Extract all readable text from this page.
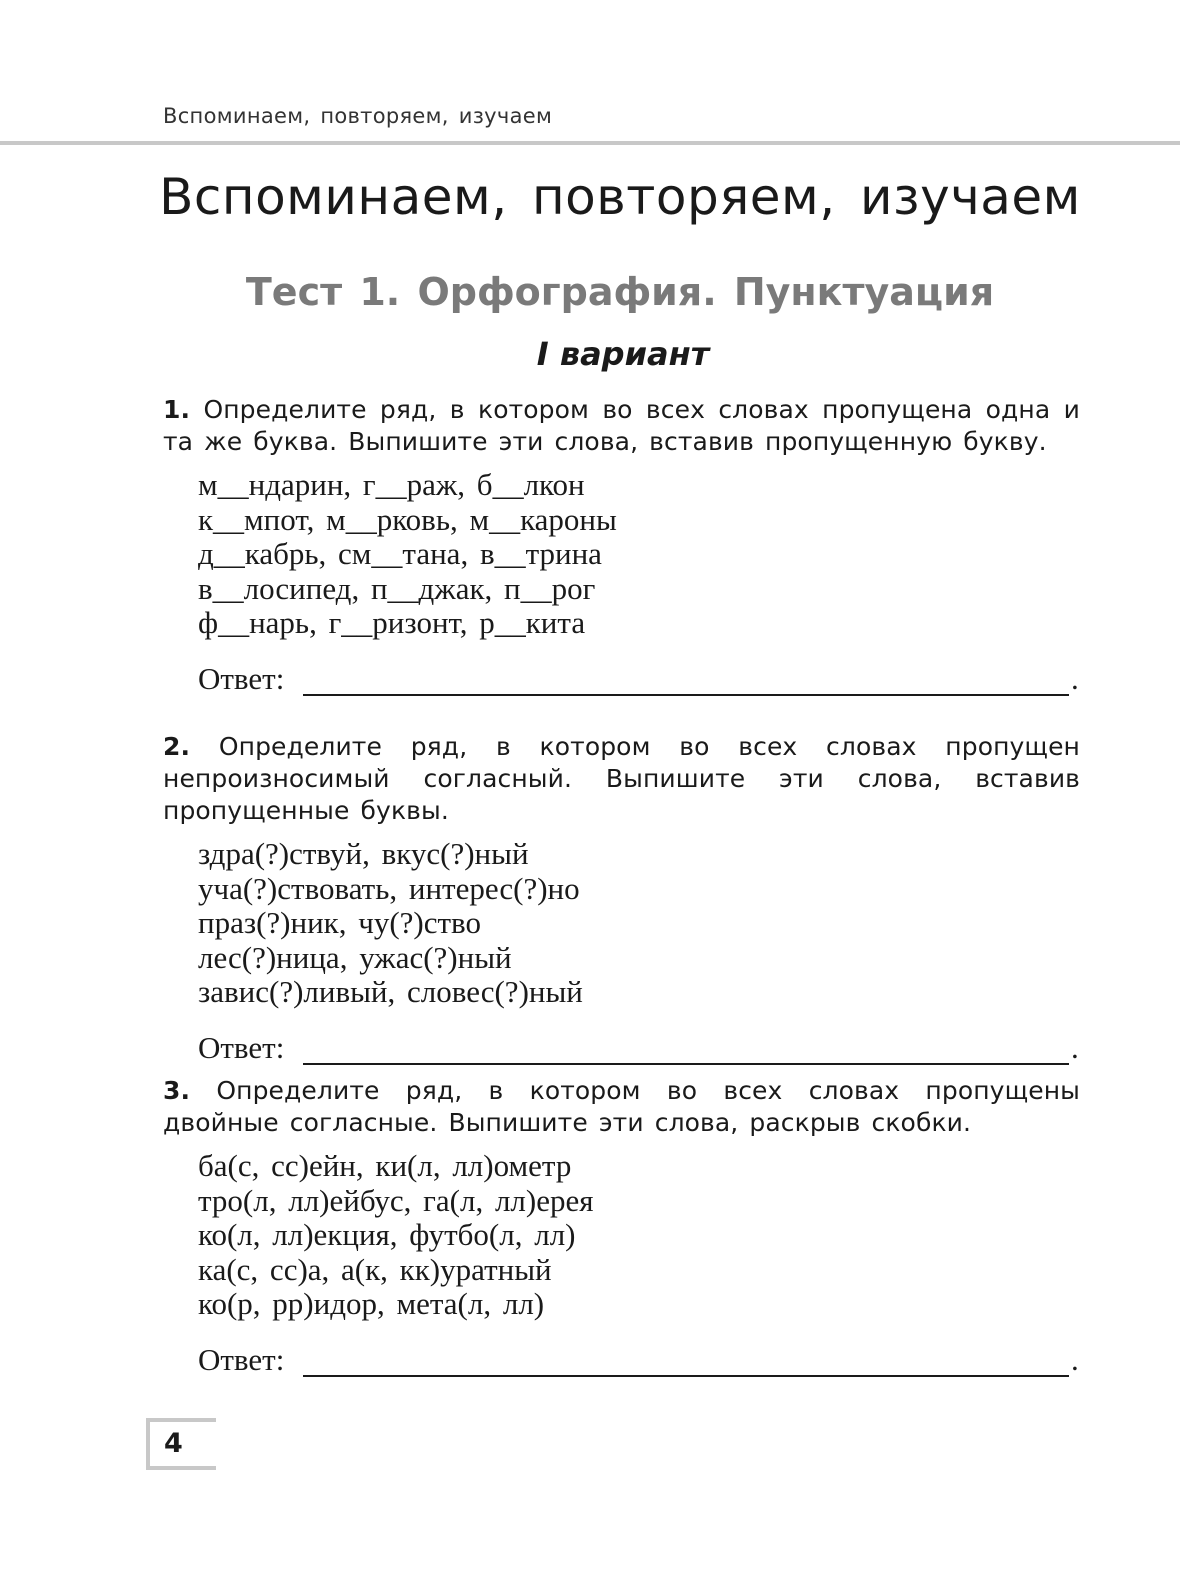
Вспоминаем, повторяем, изучаем
Вспоминаем, повторяем, изучаем
Тест 1. Орфография. Пунктуация
I вариант

1. Определите ряд, в котором во всех словах пропущена одна и та же буква. Выпишите эти слова, вставив пропущенную букву.

м__ндарин, г__раж, б__лкон
к__мпот, м__рковь, м__кароны
д__кабрь, см__тана, в__трина
в__лосипед, п__джак, п__рог
ф__нарь, г__ризонт, р__кита
Ответ:	.

2. Определите ряд, в котором во всех словах пропущен непроизносимый согласный. Выпишите эти слова, вставив пропущенные буквы.

здра(?)ствуй, вкус(?)ный
уча(?)ствовать, интерес(?)но
праз(?)ник, чу(?)ство
лес(?)ница, ужас(?)ный
завис(?)ливый, словес(?)ный
Ответ:	.

3. Определите ряд, в котором во всех словах пропущены двойные согласные. Выпишите эти слова, раскрыв скобки.

ба(с, сс)ейн, ки(л, лл)ометр
тро(л, лл)ейбус, га(л, лл)ерея
ко(л, лл)екция, футбо(л, лл)
ка(с, сс)а, а(к, кк)уратный
ко(р, рр)идор, мета(л, лл)
Ответ:	.
4
